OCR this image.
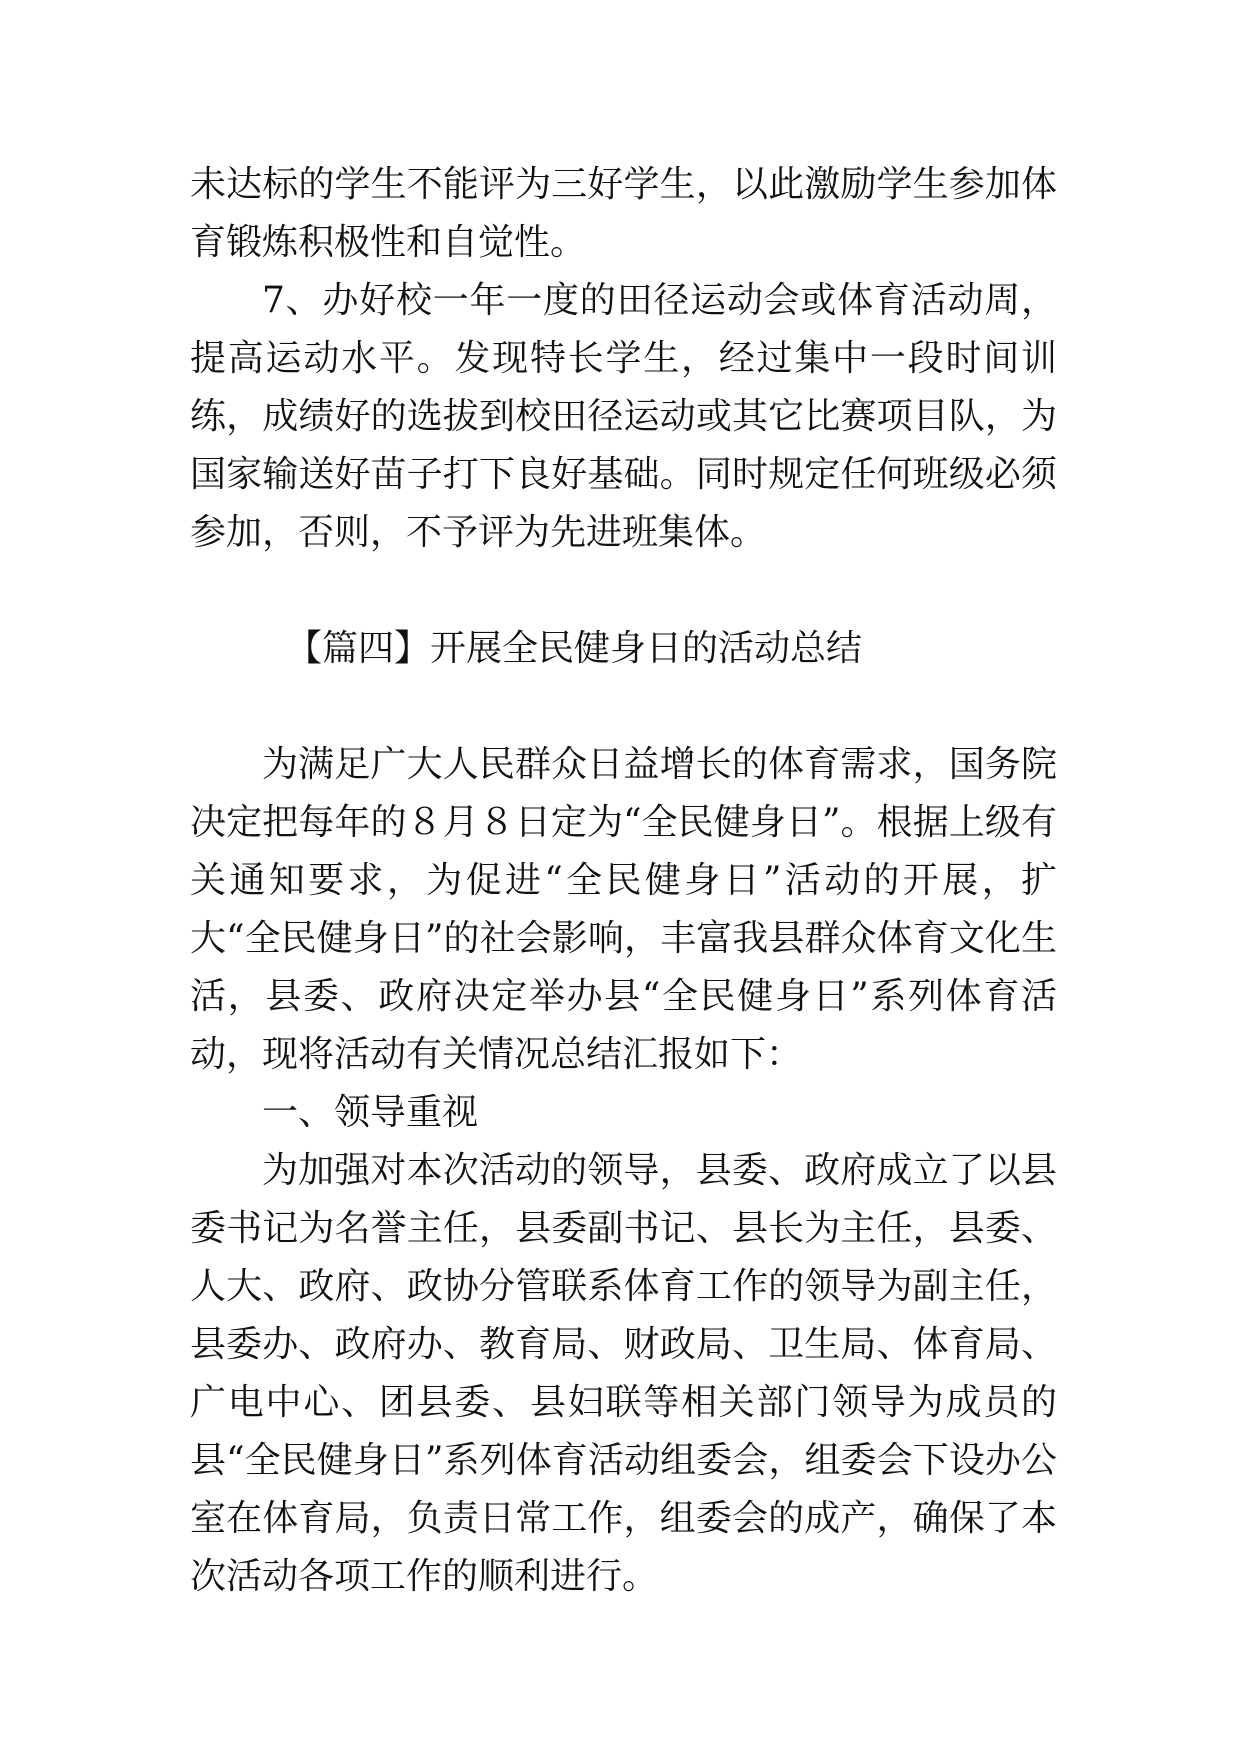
未达标的学生不能评为三好学生，以此激励学生参加体育锻炼积极性和自觉性。

7、办好校一年一度的田径运动会或体育活动周，提高运动水平。发现特长学生，经过集中一段时间训练，成绩好的选拔到校田径运动或其它比赛项目队，为国家输送好苗子打下良好基础。同时规定任何班级必须参加，否则，不予评为先进班集体。

【篇四】开展全民健身日的活动总结

为满足广大人民群众日益增长的体育需求，国务院决定把每年的８月８日定为“全民健身日”。根据上级有关通知要求，为促进“全民健身日”活动的开展，扩大“全民健身日”的社会影响，丰富我县群众体育文化生活，县委、政府决定举办县“全民健身日”系列体育活动，现将活动有关情况总结汇报如下：

一、领导重视

为加强对本次活动的领导，县委、政府成立了以县委书记为名誉主任，县委副书记、县长为主任，县委、人大、政府、政协分管联系体育工作的领导为副主任，县委办、政府办、教育局、财政局、卫生局、体育局、广电中心、团县委、县妇联等相关部门领导为成员的县“全民健身日”系列体育活动组委会，组委会下设办公室在体育局，负责日常工作，组委会的成产，确保了本次活动各项工作的顺利进行。
